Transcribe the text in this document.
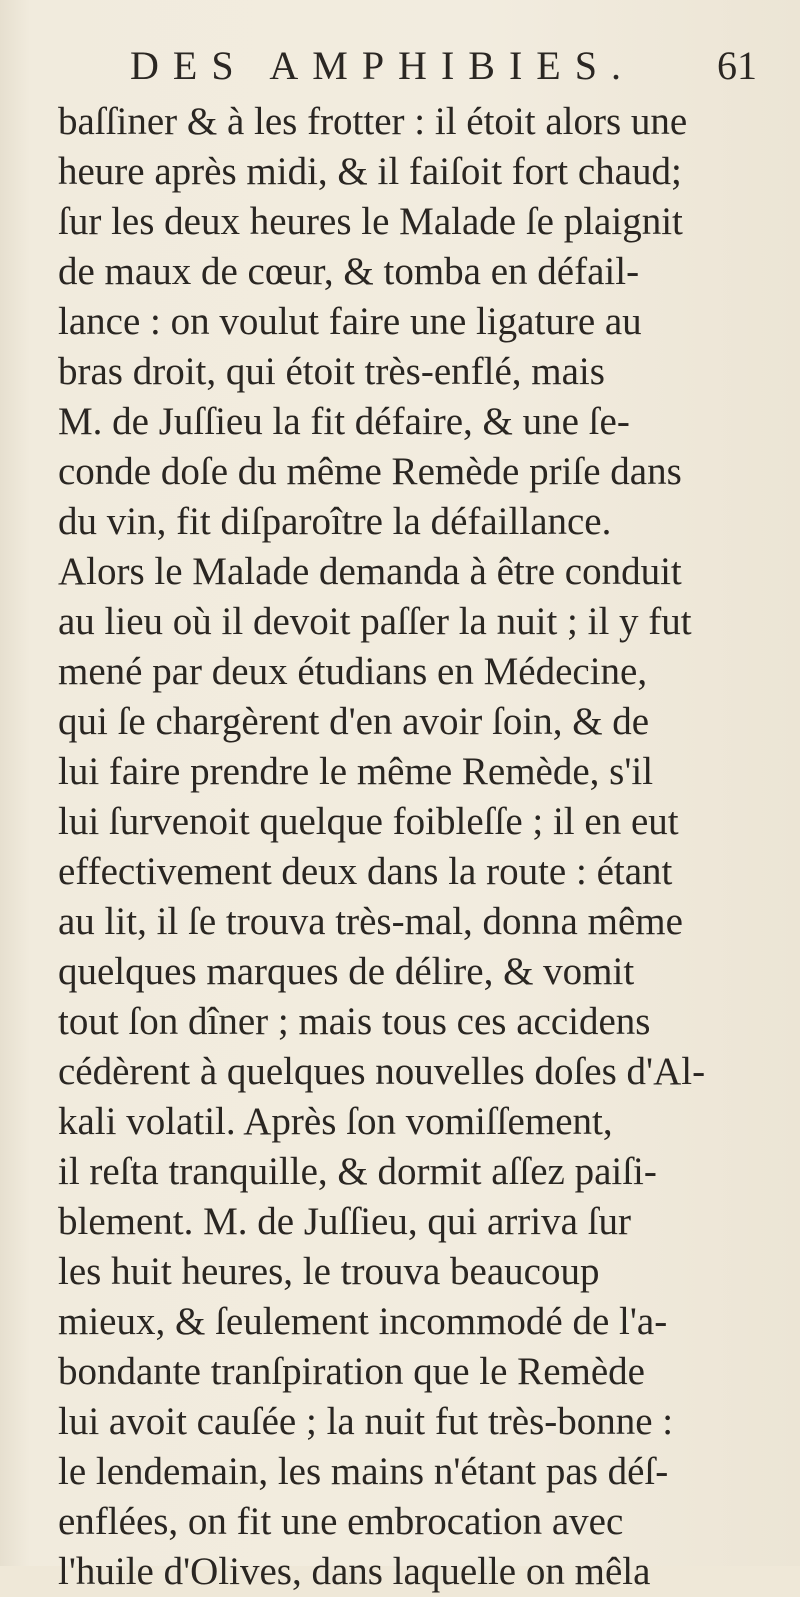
DES AMPHIBIES. 61
baſſiner & à les frotter : il étoit alors une
heure après midi, & il faiſoit fort chaud;
ſur les deux heures le Malade ſe plaignit
de maux de cœur, & tomba en défail-
lance : on voulut faire une ligature au
bras droit, qui étoit très-enflé, mais
M. de Juſſieu la fit défaire, & une ſe-
conde doſe du même Remède priſe dans
du vin, fit diſparoître la défaillance.
Alors le Malade demanda à être conduit
au lieu où il devoit paſſer la nuit ; il y fut
mené par deux étudians en Médecine,
qui ſe chargèrent d'en avoir ſoin, & de
lui faire prendre le même Remède, s'il
lui ſurvenoit quelque foibleſſe ; il en eut
effectivement deux dans la route : étant
au lit, il ſe trouva très-mal, donna même
quelques marques de délire, & vomit
tout ſon dîner ; mais tous ces accidens
cédèrent à quelques nouvelles doſes d'Al-
kali volatil. Après ſon vomiſſement,
il reſta tranquille, & dormit aſſez paiſi-
blement. M. de Juſſieu, qui arriva ſur
les huit heures, le trouva beaucoup
mieux, & ſeulement incommodé de l'a-
bondante tranſpiration que le Remède
lui avoit cauſée ; la nuit fut très-bonne :
le lendemain, les mains n'étant pas déſ-
enflées, on fit une embrocation avec
l'huile d'Olives, dans laquelle on mêla
